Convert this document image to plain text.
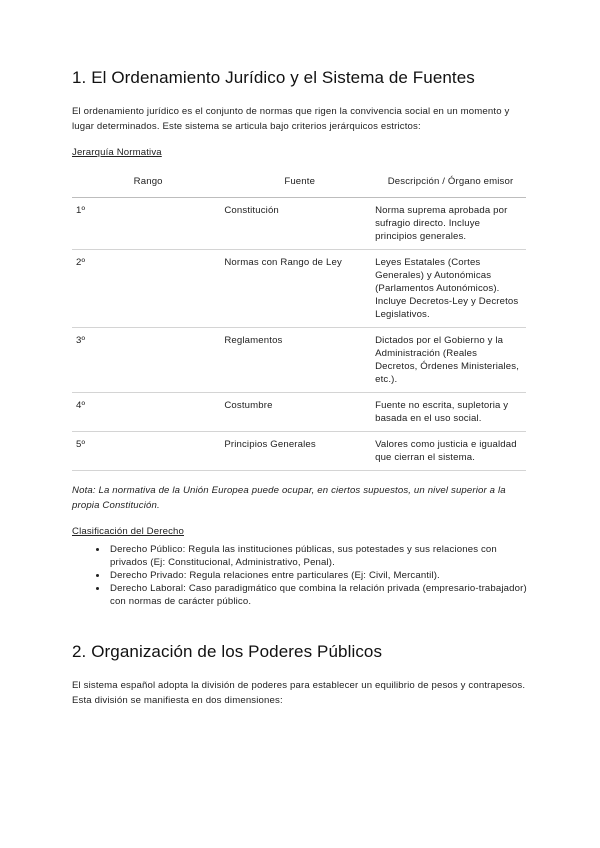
1. El Ordenamiento Jurídico y el Sistema de Fuentes

El ordenamiento jurídico es el conjunto de normas que rigen la convivencia social en un momento y lugar determinados. Este sistema se articula bajo criterios jerárquicos estrictos:

Jerarquía Normativa
Rango	Fuente	Descripción / Órgano emisor
1º	Constitución	Norma suprema aprobada por sufragio directo. Incluye principios generales.
2º	Normas con Rango de Ley	Leyes Estatales (Cortes Generales) y Autonómicas (Parlamentos Autonómicos). Incluye Decretos-Ley y Decretos Legislativos.
3º	Reglamentos	Dictados por el Gobierno y la Administración (Reales Decretos, Órdenes Ministeriales, etc.).
4º	Costumbre	Fuente no escrita, supletoria y basada en el uso social.
5º	Principios Generales	Valores como justicia e igualdad que cierran el sistema.

Nota: La normativa de la Unión Europea puede ocupar, en ciertos supuestos, un nivel superior a la propia Constitución.

Clasificación del Derecho
• Derecho Público: Regula las instituciones públicas, sus potestades y sus relaciones con privados (Ej: Constitucional, Administrativo, Penal).
• Derecho Privado: Regula relaciones entre particulares (Ej: Civil, Mercantil).
• Derecho Laboral: Caso paradigmático que combina la relación privada (empresario-trabajador) con normas de carácter público.
2. Organización de los Poderes Públicos

El sistema español adopta la división de poderes para establecer un equilibrio de pesos y contrapesos. Esta división se manifiesta en dos dimensiones:
